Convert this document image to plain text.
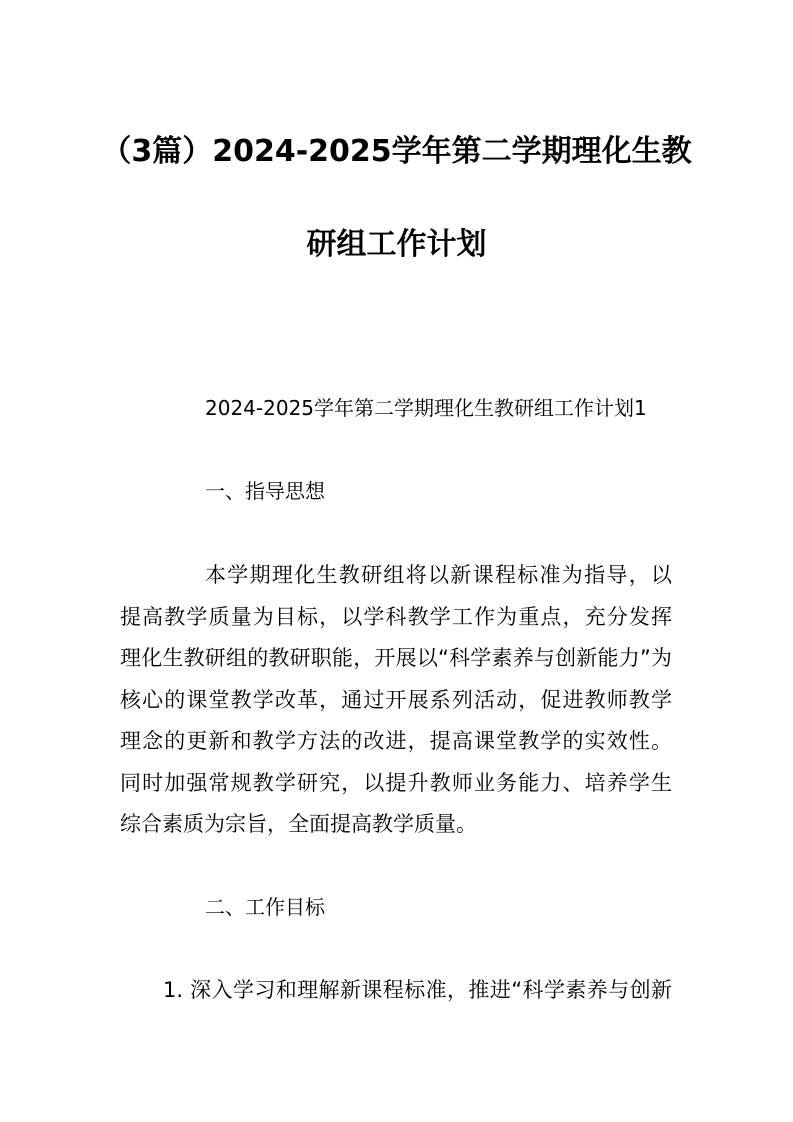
（3篇）2024-2025学年第二学期理化生教
研组工作计划
2024-2025学年第二学期理化生教研组工作计划1
一、指导思想
本学期理化生教研组将以新课程标准为指导，以
提高教学质量为目标，以学科教学工作为重点，充分发挥
理化生教研组的教研职能，开展以“科学素养与创新能力”为
核心的课堂教学改革，通过开展系列活动，促进教师教学
理念的更新和教学方法的改进，提高课堂教学的实效性。
同时加强常规教学研究，以提升教师业务能力、培养学生
综合素质为宗旨，全面提高教学质量。
二、工作目标
1. 深入学习和理解新课程标准，推进“科学素养与创新
